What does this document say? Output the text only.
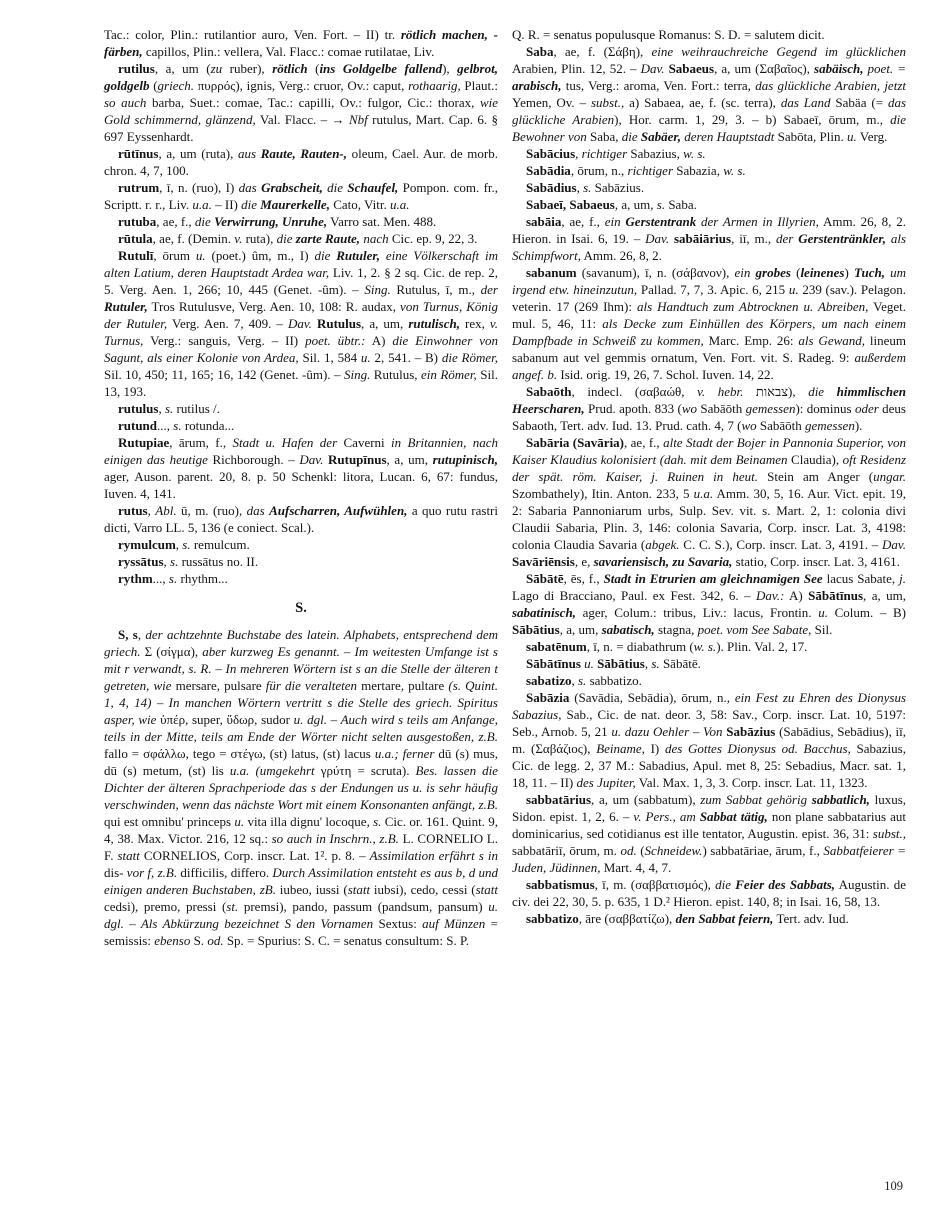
Tac.: color, Plin.: rutilantior auro, Ven. Fort. – II) tr. rötlich machen, -färben, capillos, Plin.: vellera, Val. Flacc.: comae rutilatae, Liv.

rutilus, a, um (zu ruber), rötlich (ins Goldgelbe fallend), gelbrot, goldgelb (griech. πυρρός), ignis, Verg.: cruor, Ov.: caput, rothaarig, Plaut.: so auch barba, Suet.: comae, Tac.: capilli, Ov.: fulgor, Cic.: thorax, wie Gold schimmernd, glänzend, Val. Flacc. – → Nbf rutulus, Mart. Cap. 6. § 697 Eyssenhardt.

rūtīnus, a, um (ruta), aus Raute, Rauten-, oleum, Cael. Aur. de morb. chron. 4, 7, 100.

rutrum, ī, n. (ruo), I) das Grabscheit, die Schaufel, Pompon. com. fr., Scriptt. r. r., Liv. u.a. – II) die Maurerkelle, Cato, Vitr. u.a.

rutuba, ae, f., die Verwirrung, Unruhe, Varro sat. Men. 488.

rūtula, ae, f. (Demin. v. ruta), die zarte Raute, nach Cic. ep. 9, 22, 3.

Rutulī, ōrum u. (poet.) ûm, m., I) die Rutuler, eine Völkerschaft im alten Latium, deren Hauptstadt Ardea war, Liv. 1, 2. § 2 sq. Cic. de rep. 2, 5. Verg. Aen. 1, 266; 10, 445 (Genet. -ûm). – Sing. Rutulus, ī, m., der Rutuler, Tros Rutulusve, Verg. Aen. 10, 108: R. audax, von Turnus, König der Rutuler, Verg. Aen. 7, 409. – Dav. Rutulus, a, um, rutulisch, rex, v. Turnus, Verg.: sanguis, Verg. – II) poet. übtr.: A) die Einwohner von Sagunt, als einer Kolonie von Ardea, Sil. 1, 584 u. 2, 541. – B) die Römer, Sil. 10, 450; 11, 165; 16, 142 (Genet. -ûm). – Sing. Rutulus, ein Römer, Sil. 13, 193.

rutulus, s. rutilus /.

rutund..., s. rotunda...

Rutupiae, ārum, f., Stadt u. Hafen der Caverni in Britannien, nach einigen das heutige Richborough. – Dav. Rutupīnus, a, um, rutupinisch, ager, Auson. parent. 20, 8. p. 50 Schenkl: litora, Lucan. 6, 67: fundus, Iuven. 4, 141.

rutus, Abl. ū, m. (ruo), das Aufscharren, Aufwühlen, a quo rutu rastri dicti, Varro LL. 5, 136 (e coniect. Scal.).

rymulcum, s. remulcum.

ryssātus, s. russātus no. II.

rythm..., s. rhythm...

S.

S, s, der achtzehnte Buchstabe des latein. Alphabets, entsprechend dem griech. Σ (σίγμα), aber kurzweg Es genannt. – Im weitesten Umfange ist s mit r verwandt, s. R. – In mehreren Wörtern ist s an die Stelle der älteren t getreten, wie mersare, pulsare für die veralteten mertare, pultare (s. Quint. 1, 4, 14) – In manchen Wörtern vertritt s die Stelle des griech. Spiritus asper, wie ὑπέρ, super, ὕδωρ, sudor u. dgl. – Auch wird s teils am Anfange, teils in der Mitte, teils am Ende der Wörter nicht selten ausgestoßen, z.B. fallo = σφάλλω, tego = στέγω, (st) latus, (st) lacus u.a.; ferner dū (s) mus, dū (s) metum, (st) lis u.a. (umgekehrt γρύτη = scruta). Bes. lassen die Dichter der älteren Sprachperiode das s der Endungen us u. is sehr häufig verschwinden, wenn das nächste Wort mit einem Konsonanten anfängt, z.B. qui est omnibu' princeps u. vita illa dignu' locoque, s. Cic. or. 161. Quint. 9, 4, 38. Max. Victor. 216, 12 sq.: so auch in Inschrn., z.B. L. CORNELIO L. F. statt CORNELIOS, Corp. inscr. Lat. 1². p. 8. – Assimilation erfährt s in dis- vor f, z.B. difficilis, differo. Durch Assimilation entsteht es aus b, d und einigen anderen Buchstaben, zB. iubeo, iussi (statt iubsi), cedo, cessi (statt cedsi), premo, pressi (st. premsi), pando, passum (pandsum, pansum) u. dgl. – Als Abkürzung bezeichnet S den Vornamen Sextus: auf Münzen = semissis: ebenso S. od. Sp. = Spurius: S. C. = senatus consultum: S. P.

Q. R. = senatus populusque Romanus: S. D. = salutem dicit.

Saba, ae, f. (Σάβη), eine weihrauchreiche Gegend im glücklichen Arabien, Plin. 12, 52. – Dav. Sabaeus, a, um (Σαβαῖος), sabäisch, poet. = arabisch, tus, Verg.: aroma, Ven. Fort.: terra, das glückliche Arabien, jetzt Yemen, Ov. – subst., a) Sabaea, ae, f. (sc. terra), das Land Sabäa (= das glückliche Arabien), Hor. carm. 1, 29, 3. – b) Sabaeī, ōrum, m., die Bewohner von Saba, die Sabäer, deren Hauptstadt Sabōta, Plin. u. Verg.

Sabācius, richtiger Sabazius, w. s.

Sabādia, ōrum, n., richtiger Sabazia, w. s.

Sabādius, s. Sabāzius.

Sabaeī, Sabaeus, a, um, s. Saba.

sabāia, ae, f., ein Gerstentrank der Armen in Illyrien, Amm. 26, 8, 2. Hieron. in Isai. 6, 19. – Dav. sabāiārius, iī, m., der Gerstentränkler, als Schimpfwort, Amm. 26, 8, 2.

sabanum (savanum), ī, n. (σάβανον), ein grobes (leinenes) Tuch, um irgend etw. hineinzutun, Pallad. 7, 7, 3. Apic. 6, 215 u. 239 (sav.). Pelagon. veterin. 17 (269 Ihm): als Handtuch zum Abtrocknen u. Abreiben, Veget. mul. 5, 46, 11: als Decke zum Einhüllen des Körpers, um nach einem Dampfbade in Schweiß zu kommen, Marc. Emp. 26: als Gewand, lineum sabanum aut vel gemmis ornatum, Ven. Fort. vit. S. Radeg. 9: außerdem angef. b. Isid. orig. 19, 26, 7. Schol. Iuven. 14, 22.

Sabaōth, indecl. (σαβαώθ, v. hebr. צבאות), die himmlischen Heerscharen, Prud. apoth. 833 (wo Sabāōth gemessen): dominus oder deus Sabaoth, Tert. adv. Iud. 13. Prud. cath. 4, 7 (wo Sabāōth gemessen).

Sabāria (Savāria), ae, f., alte Stadt der Bojer in Pannonia Superior, von Kaiser Klaudius kolonisiert (dah. mit dem Beinamen Claudia), oft Residenz der spät. röm. Kaiser, j. Ruinen in heut. Stein am Anger (ungar. Szombathely), Itin. Anton. 233, 5 u.a. Amm. 30, 5, 16. Aur. Vict. epit. 19, 2: Sabaria Pannoniarum urbs, Sulp. Sev. vit. s. Mart. 2, 1: colonia divi Claudii Sabaria, Plin. 3, 146: colonia Savaria, Corp. inscr. Lat. 3, 4198: colonia Claudia Savaria (abgek. C. C. S.), Corp. inscr. Lat. 3, 4191. – Dav. Savāriēnsis, e, savariensisch, zu Savaria, statio, Corp. inscr. Lat. 3, 4161.

Sābātē, ēs, f., Stadt in Etrurien am gleichnamigen See lacus Sabate, j. Lago di Bracciano, Paul. ex Fest. 342, 6. – Dav.: A) Sābātīnus, a, um, sabatinisch, ager, Colum.: tribus, Liv.: lacus, Frontin. u. Colum. – B) Sābātius, a, um, sabatisch, stagna, poet. vom See Sabate, Sil.

sabatēnum, ī, n. = diabathrum (w. s.). Plin. Val. 2, 17.

Sābātīnus u. Sābātius, s. Sābātē.

sabatizo, s. sabbatizo.

Sabāzia (Savādia, Sebādia), ōrum, n., ein Fest zu Ehren des Dionysus Sabazius, Sab., Cic. de nat. deor. 3, 58: Sav., Corp. inscr. Lat. 10, 5197: Seb., Arnob. 5, 21 u. dazu Oehler – Von Sabāzius (Sabādius, Sebādius), iī, m. (Σαβάζιος), Beiname, I) des Gottes Dionysus od. Bacchus, Sabazius, Cic. de legg. 2, 37 M.: Sabadius, Apul. met 8, 25: Sebadius, Macr. sat. 1, 18, 11. – II) des Jupiter, Val. Max. 1, 3, 3. Corp. inscr. Lat. 11, 1323.

sabbatārius, a, um (sabbatum), zum Sabbat gehörig sabbatlich, luxus, Sidon. epist. 1, 2, 6. – v. Pers., am Sabbat tätig, non plane sabbatarius aut dominicarius, sed cotidianus est ille tentator, Augustin. epist. 36, 31: subst., sabbatāriī, ōrum, m. od. (Schneidew.) sabbatāriae, ārum, f., Sabbatfeierer = Juden, Jüdinnen, Mart. 4, 4, 7.

sabbatismus, ī, m. (σαββατισμός), die Feier des Sabbats, Augustin. de civ. dei 22, 30, 5. p. 635, 1 D.² Hieron. epist. 140, 8; in Isai. 16, 58, 13.

sabbatizo, āre (σαββατίζω), den Sabbat feiern, Tert. adv. Iud.

109
